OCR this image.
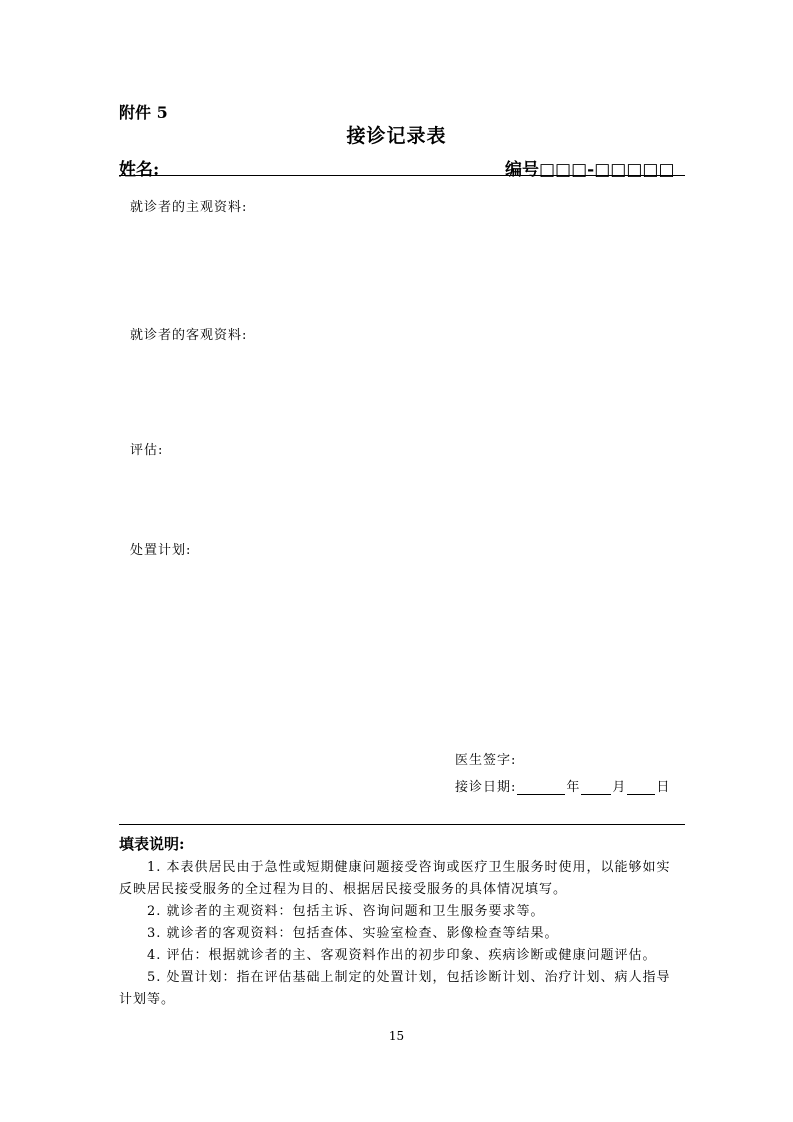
附件 5
接诊记录表
姓名:	编号□□□-□□□□□
就诊者的主观资料:
就诊者的客观资料:
评估:
处置计划:
医生签字:
接诊日期:	年 月 日
填表说明:

1. 本表供居民由于急性或短期健康问题接受咨询或医疗卫生服务时使用，以能够如实反映居民接受服务的全过程为目的、根据居民接受服务的具体情况填写。

2. 就诊者的主观资料：包括主诉、咨询问题和卫生服务要求等。

3. 就诊者的客观资料：包括查体、实验室检查、影像检查等结果。

4. 评估：根据就诊者的主、客观资料作出的初步印象、疾病诊断或健康问题评估。

5. 处置计划：指在评估基础上制定的处置计划，包括诊断计划、治疗计划、病人指导计划等。

15
